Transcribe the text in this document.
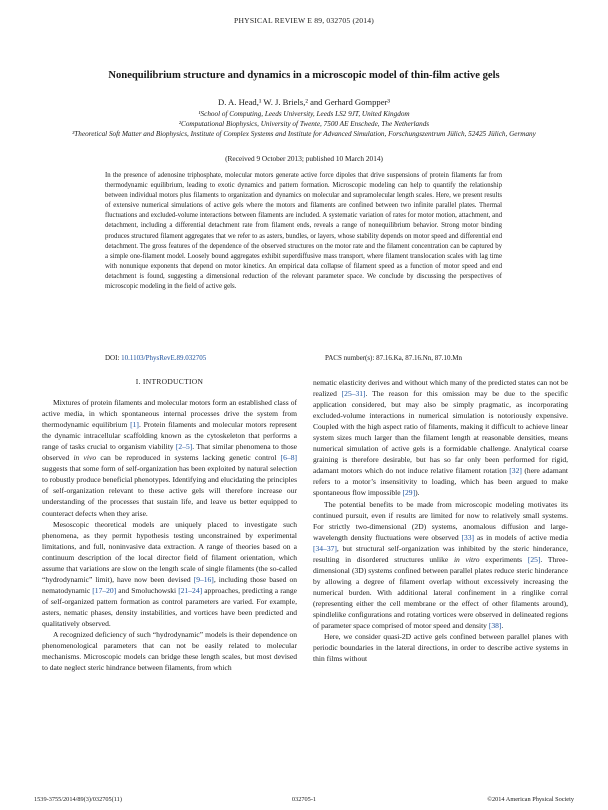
PHYSICAL REVIEW E 89, 032705 (2014)
Nonequilibrium structure and dynamics in a microscopic model of thin-film active gels
D. A. Head,¹ W. J. Briels,² and Gerhard Gompper³
¹School of Computing, Leeds University, Leeds LS2 9JT, United Kingdom
²Computational Biophysics, University of Twente, 7500 AE Enschede, The Netherlands
³Theoretical Soft Matter and Biophysics, Institute of Complex Systems and Institute for Advanced Simulation, Forschungszentrum Jülich, 52425 Jülich, Germany
(Received 9 October 2013; published 10 March 2014)
In the presence of adenosine triphosphate, molecular motors generate active force dipoles that drive suspensions of protein filaments far from thermodynamic equilibrium, leading to exotic dynamics and pattern formation. Microscopic modeling can help to quantify the relationship between individual motors plus filaments to organization and dynamics on molecular and supramolecular length scales. Here, we present results of extensive numerical simulations of active gels where the motors and filaments are confined between two infinite parallel plates. Thermal fluctuations and excluded-volume interactions between filaments are included. A systematic variation of rates for motor motion, attachment, and detachment, including a differential detachment rate from filament ends, reveals a range of nonequilibrium behavior. Strong motor binding produces structured filament aggregates that we refer to as asters, bundles, or layers, whose stability depends on motor speed and differential end detachment. The gross features of the dependence of the observed structures on the motor rate and the filament concentration can be captured by a simple one-filament model. Loosely bound aggregates exhibit superdiffusive mass transport, where filament translocation scales with lag time with nonunique exponents that depend on motor kinetics. An empirical data collapse of filament speed as a function of motor speed and end detachment is found, suggesting a dimensional reduction of the relevant parameter space. We conclude by discussing the perspectives of microscopic modeling in the field of active gels.
DOI: 10.1103/PhysRevE.89.032705	PACS number(s): 87.16.Ka, 87.16.Nn, 87.10.Mn
I. INTRODUCTION

Mixtures of protein filaments and molecular motors form an established class of active media, in which spontaneous internal processes drive the system from thermodynamic equilibrium [1]. Protein filaments and molecular motors represent the dynamic intracellular scaffolding known as the cytoskeleton that performs a range of tasks crucial to organism viability [2–5]. That similar phenomena to those observed in vivo can be reproduced in systems lacking genetic control [6–8] suggests that some form of self-organization has been exploited by natural selection to robustly produce beneficial phenotypes. Identifying and elucidating the principles of self-organization relevant to these active gels will therefore increase our understanding of the processes that sustain life, and leave us better equipped to counteract defects when they arise.

Mesoscopic theoretical models are uniquely placed to investigate such phenomena, as they permit hypothesis testing unconstrained by experimental limitations, and full, noninvasive data extraction. A range of theories based on a continuum description of the local director field of filament orientation, which assume that variations are slow on the length scale of single filaments (the so-called “hydrodynamic” limit), have now been devised [9–16], including those based on nematodynamic [17–20] and Smoluchowski [21–24] approaches, predicting a range of self-organized pattern formation as control parameters are varied. For example, asters, nematic phases, density instabilities, and vortices have been predicted and qualitatively observed.

A recognized deficiency of such “hydrodynamic” models is their dependence on phenomenological parameters that can not be easily related to molecular mechanisms. Microscopic models can bridge these length scales, but most devised to date neglect steric hindrance between filaments, from which

nematic elasticity derives and without which many of the predicted states can not be realized [25–31]. The reason for this omission may be due to the specific application considered, but may also be simply pragmatic, as incorporating excluded-volume interactions in numerical simulation is notoriously expensive. Coupled with the high aspect ratio of filaments, making it difficult to achieve linear system sizes much larger than the filament length at reasonable densities, means numerical simulation of active gels is a formidable challenge. Analytical coarse graining is therefore desirable, but has so far only been performed for rigid, adamant motors which do not induce relative filament rotation [32] (here adamant refers to a motor’s insensitivity to loading, which has been argued to make spontaneous flow impossible [29]).

The potential benefits to be made from microscopic modeling motivates its continued pursuit, even if results are limited for now to relatively small systems. For strictly two-dimensional (2D) systems, anomalous diffusion and large-wavelength density fluctuations were observed [33] as in models of active media [34–37], but structural self-organization was inhibited by the steric hinderance, resulting in disordered structures unlike in vitro experiments [25]. Three-dimensional (3D) systems confined between parallel plates reduce steric hinderance by allowing a degree of filament overlap without excessively increasing the numerical burden. With additional lateral confinement in a ringlike corral (representing either the cell membrane or the effect of other filaments around), spindlelike configurations and rotating vortices were observed in delineated regions of parameter space comprised of motor speed and density [38].

Here, we consider quasi-2D active gels confined between parallel planes with periodic boundaries in the lateral directions, in order to describe active systems in thin films without

1539-3755/2014/89(3)/032705(11)	032705-1	©2014 American Physical Society
